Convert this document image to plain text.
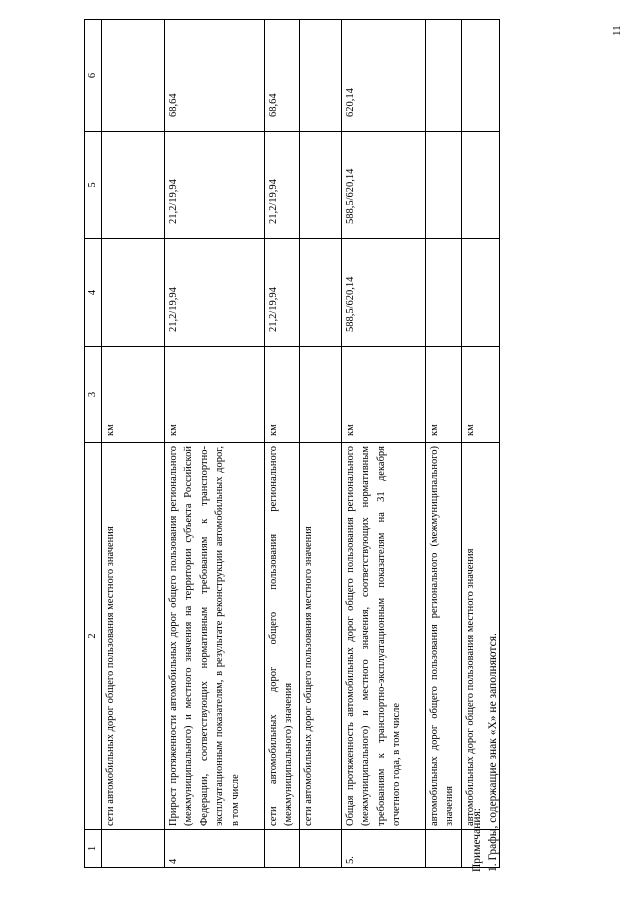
11
1	2	3	4	5	6
	сети автомобильных дорог общего пользования местного значения	км			
4	Прирост протяженности автомобильных дорог общего пользования регионального (межмуниципального) и местного значения на территории субъекта Российской Федерации, соответствующих нормативным требованиям к транспортно-эксплуатационным показателям, в результате реконструкции автомобильных дорог, в том числе	км	21,2/19,94	21,2/19,94	68,64
	сети автомобильных дорог общего пользования регионального (межмуниципального) значения	км	21,2/19,94	21,2/19,94	68,64
	сети автомобильных дорог общего пользования местного значения				
5.	Общая протяженность автомобильных дорог общего пользования регионального (межмуниципального) и местного значения, соответствующих нормативным требованиям к транспортно-эксплуатационным показателям на 31 декабря отчетного года, в том числе	км	588,5/620,14	588,5/620,14	620,14
	автомобильных дорог общего пользования регионального (межмуниципального) значения	км			
	автомобильных дорог общего пользования местного значения	км			
Примечания: 1. Графы, содержащие знак «Х» не заполняются.
